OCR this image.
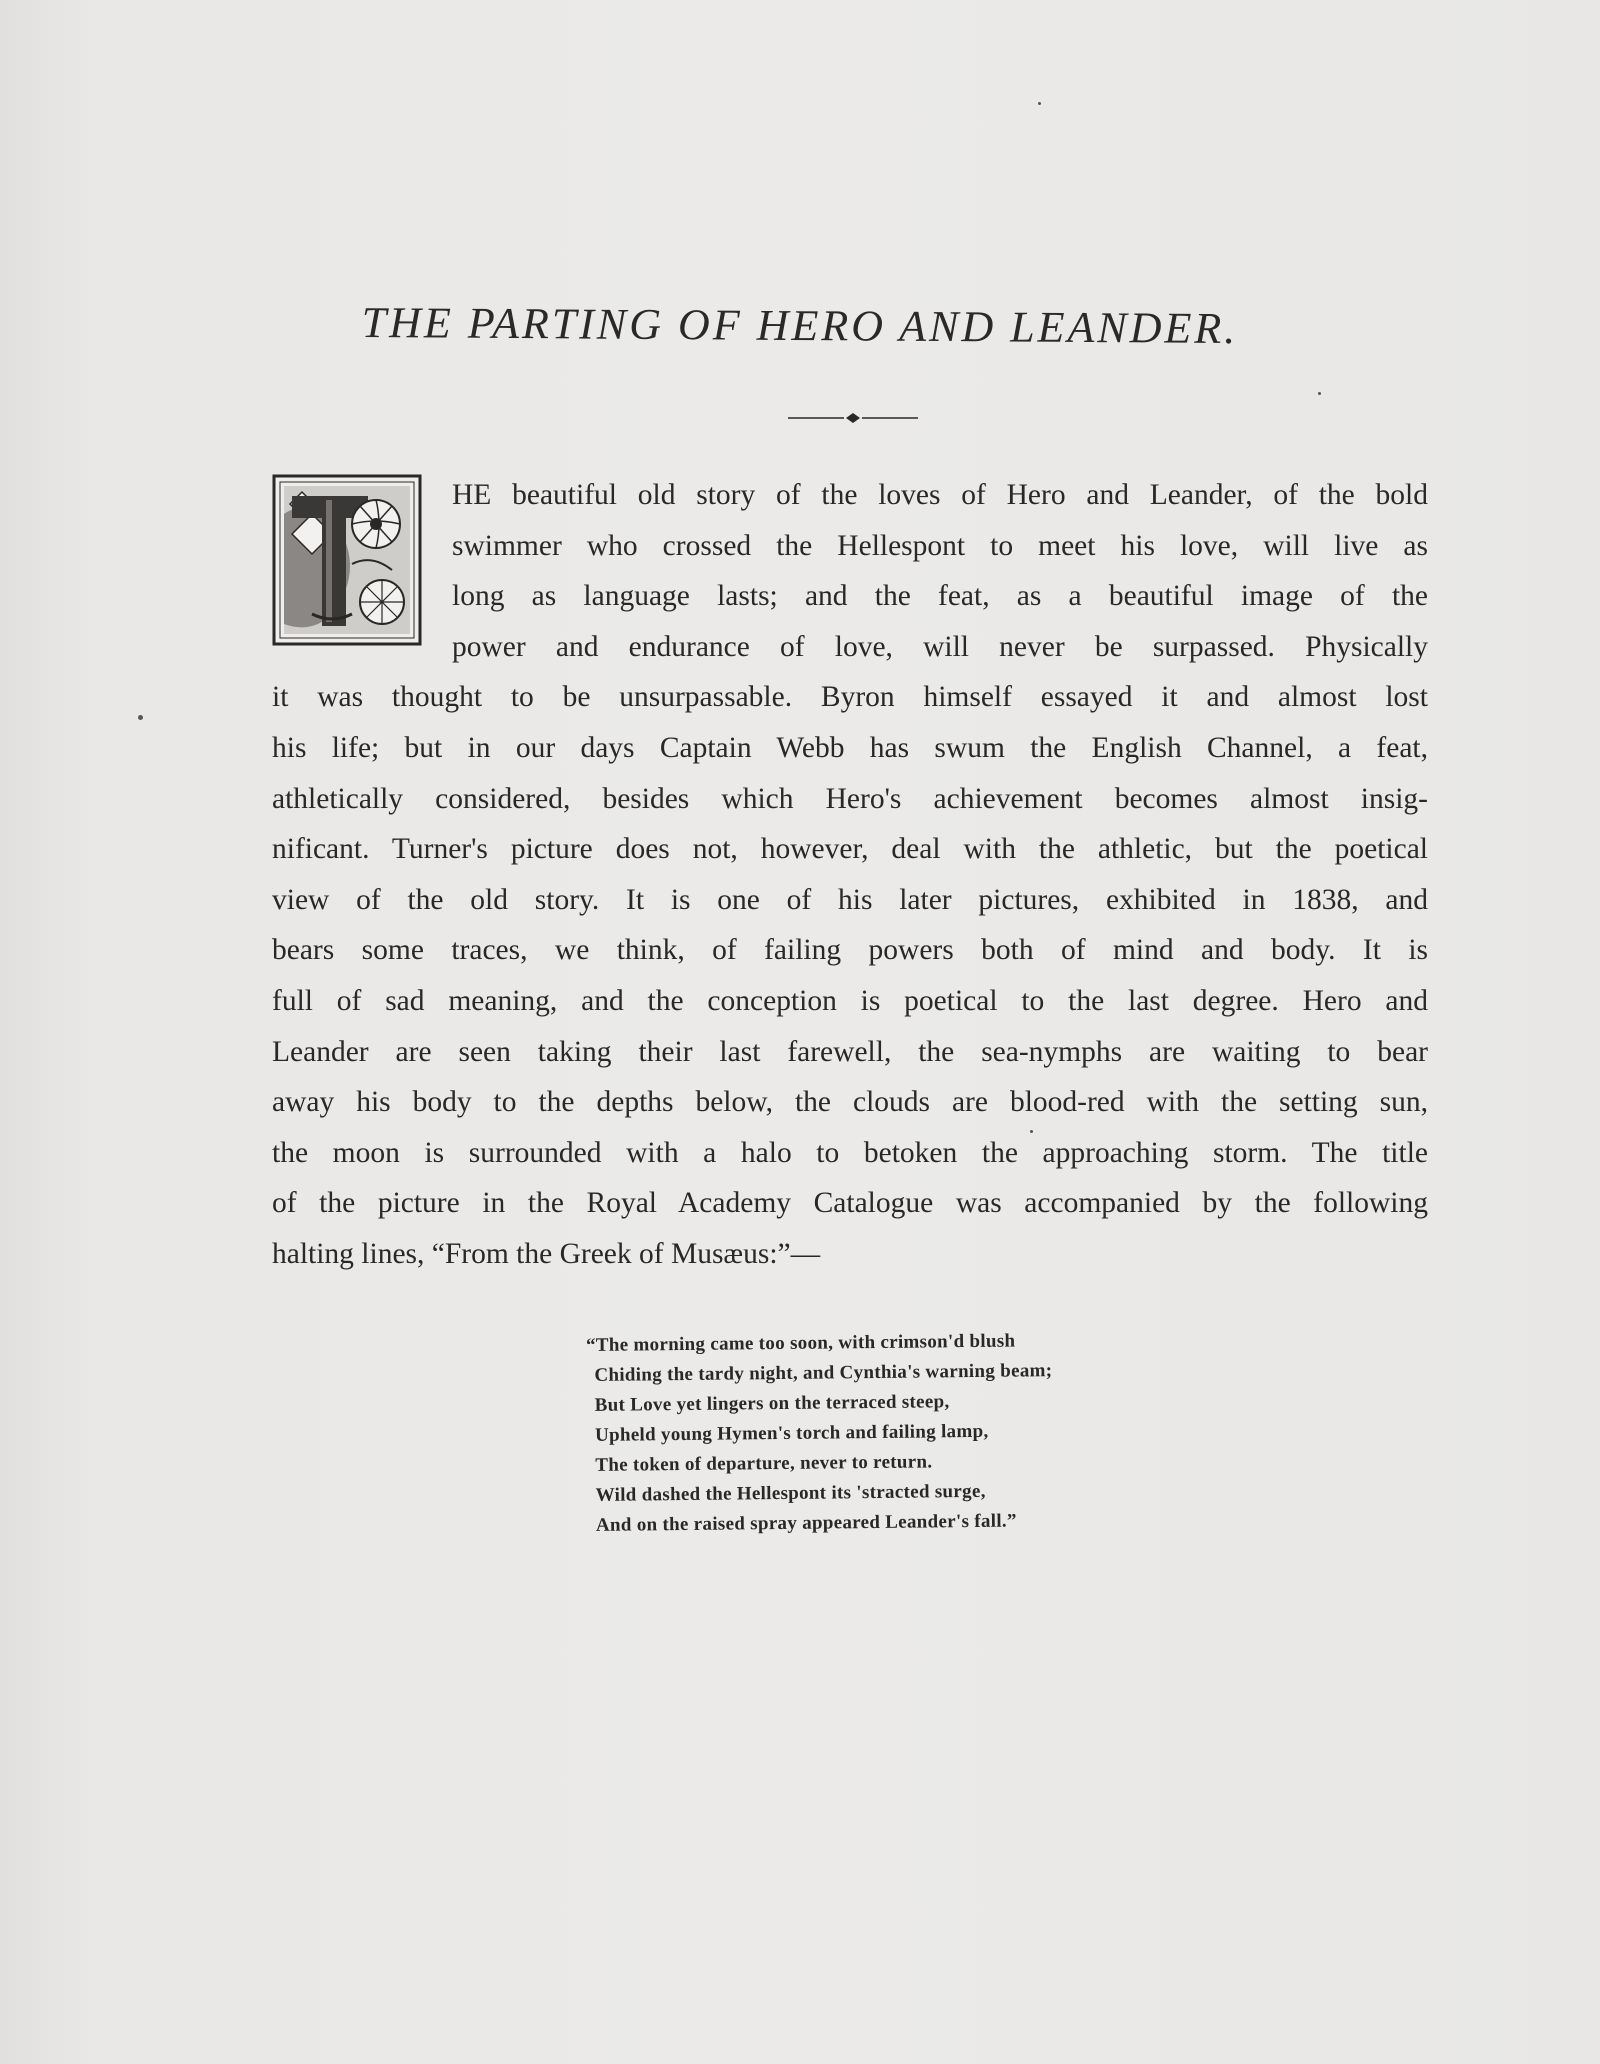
THE PARTING OF HERO AND LEANDER.
HE beautiful old story of the loves of Hero and Leander, of the bold
swimmer who crossed the Hellespont to meet his love, will live as
long as language lasts; and the feat, as a beautiful image of the
power and endurance of love, will never be surpassed. Physically
it was thought to be unsurpassable. Byron himself essayed it and almost lost
his life; but in our days Captain Webb has swum the English Channel, a feat,
athletically considered, besides which Hero's achievement becomes almost insig-
nificant. Turner's picture does not, however, deal with the athletic, but the poetical
view of the old story. It is one of his later pictures, exhibited in 1838, and
bears some traces, we think, of failing powers both of mind and body. It is
full of sad meaning, and the conception is poetical to the last degree. Hero and
Leander are seen taking their last farewell, the sea-nymphs are waiting to bear
away his body to the depths below, the clouds are blood-red with the setting sun,
the moon is surrounded with a halo to betoken the approaching storm. The title
of the picture in the Royal Academy Catalogue was accompanied by the following
halting lines, “From the Greek of Musæus:”—
“The morning came too soon, with crimson'd blush
Chiding the tardy night, and Cynthia's warning beam;
But Love yet lingers on the terraced steep,
Upheld young Hymen's torch and failing lamp,
The token of departure, never to return.
Wild dashed the Hellespont its 'stracted surge,
And on the raised spray appeared Leander's fall.”
